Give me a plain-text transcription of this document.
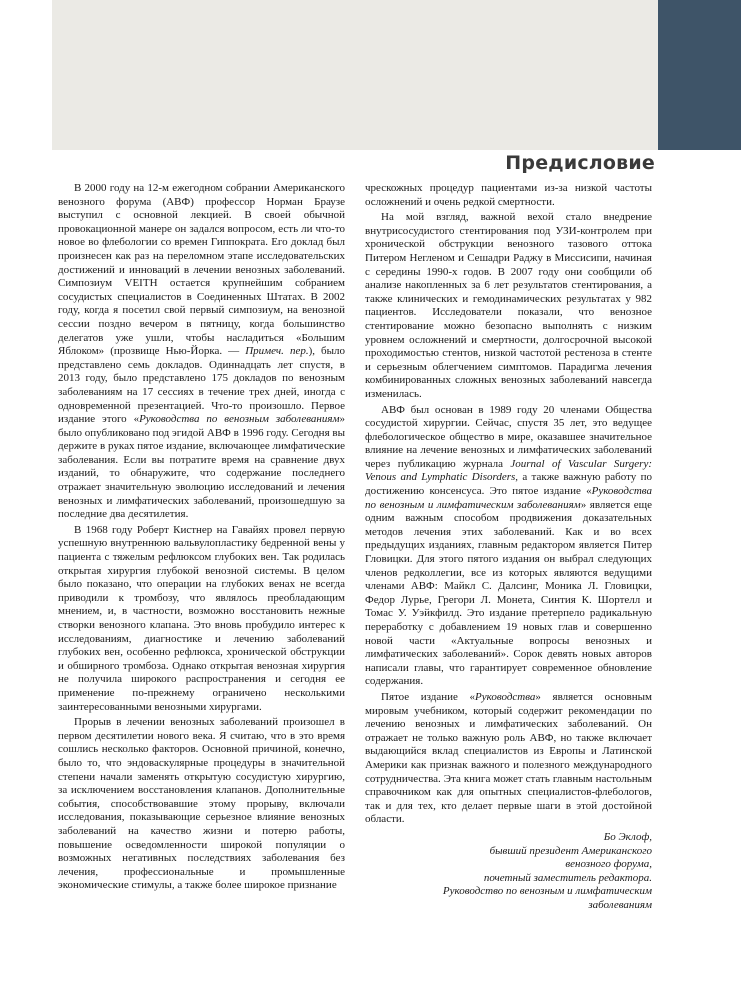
Предисловие

В 2000 году на 12-м ежегодном собрании Американского венозного форума (АВФ) профессор Норман Браузе выступил с основной лекцией. В своей обычной провокационной манере он задался вопросом, есть ли что-то новое во флебологии со времен Гиппократа. Его доклад был произнесен как раз на переломном этапе исследовательских достижений и инноваций в лечении венозных заболеваний. Симпозиум VEITH остается крупнейшим собранием сосудистых специалистов в Соединенных Штатах. В 2002 году, когда я посетил свой первый симпозиум, на венозной сессии поздно вечером в пятницу, когда большинство делегатов уже ушли, чтобы насладиться «Большим Яблоком» (прозвище Нью-Йорка. — Примеч. пер.), было представлено семь докладов. Одиннадцать лет спустя, в 2013 году, было представлено 175 докладов по венозным заболеваниям на 17 сессиях в течение трех дней, иногда с одновременной презентацией. Что-то произошло. Первое издание этого «Руководства по венозным заболеваниям» было опубликовано под эгидой АВФ в 1996 году. Сегодня вы держите в руках пятое издание, включающее лимфатические заболевания. Если вы потратите время на сравнение двух изданий, то обнаружите, что содержание последнего отражает значительную эволюцию исследований и лечения венозных и лимфатических заболеваний, произошедшую за последние два десятилетия.

В 1968 году Роберт Кистнер на Гавайях провел первую успешную внутреннюю вальвулопластику бедренной вены у пациента с тяжелым рефлюксом глубоких вен. Так родилась открытая хирургия глубокой венозной системы. В целом было показано, что операции на глубоких венах не всегда приводили к тромбозу, что являлось преобладающим мнением, и, в частности, возможно восстановить нежные створки венозного клапана. Это вновь пробудило интерес к исследованиям, диагностике и лечению заболеваний глубоких вен, особенно рефлюкса, хронической обструкции и обширного тромбоза. Однако открытая венозная хирургия не получила широкого распространения и сегодня ее применение по-прежнему ограничено несколькими заинтересованными венозными хирургами.

Прорыв в лечении венозных заболеваний произошел в первом десятилетии нового века. Я считаю, что в это время сошлись несколько факторов. Основной причиной, конечно, было то, что эндоваскулярные процедуры в значительной степени начали заменять открытую сосудистую хирургию, за исключением восстановления клапанов. Дополнительные события, способствовавшие этому прорыву, включали исследования, показывающие серьезное влияние венозных заболеваний на качество жизни и потерю работы, повышение осведомленности широкой популяции о возможных негативных последствиях заболевания без лечения, профессиональные и промышленные экономические стимулы, а также более широкое признание

чрескожных процедур пациентами из-за низкой частоты осложнений и очень редкой смертности.

На мой взгляд, важной вехой стало внедрение внутрисосудистого стентирования под УЗИ-контролем при хронической обструкции венозного тазового оттока Питером Негленом и Сешадри Раджу в Миссисипи, начиная с середины 1990-х годов. В 2007 году они сообщили об анализе накопленных за 6 лет результатов стентирования, а также клинических и гемодинамических результатах у 982 пациентов. Исследователи показали, что венозное стентирование можно безопасно выполнять с низким уровнем осложнений и смертности, долгосрочной высокой проходимостью стентов, низкой частотой рестеноза в стенте и серьезным облегчением симптомов. Парадигма лечения комбинированных сложных венозных заболеваний навсегда изменилась.

АВФ был основан в 1989 году 20 членами Общества сосудистой хирургии. Сейчас, спустя 35 лет, это ведущее флебологическое общество в мире, оказавшее значительное влияние на лечение венозных и лимфатических заболеваний через публикацию журнала Journal of Vascular Surgery: Venous and Lymphatic Disorders, а также важную работу по достижению консенсуса. Это пятое издание «Руководства по венозным и лимфатическим заболеваниям» является еще одним важным способом продвижения доказательных методов лечения этих заболеваний. Как и во всех предыдущих изданиях, главным редактором является Питер Гловицки. Для этого пятого издания он выбрал следующих членов редколлегии, все из которых являются ведущими членами АВФ: Майкл С. Далсинг, Моника Л. Гловицки, Федор Лурье, Грегори Л. Монета, Синтия К. Шортелл и Томас У. Уэйкфилд. Это издание претерпело радикальную переработку с добавлением 19 новых глав и совершенно новой части «Актуальные вопросы венозных и лимфатических заболеваний». Сорок девять новых авторов написали главы, что гарантирует современное обновление содержания.

Пятое издание «Руководства» является основным мировым учебником, который содержит рекомендации по лечению венозных и лимфатических заболеваний. Он отражает не только важную роль АВФ, но также включает выдающийся вклад специалистов из Европы и Латинской Америки как признак важного и полезного международного сотрудничества. Эта книга может стать главным настольным справочником как для опытных специалистов-флебологов, так и для тех, кто делает первые шаги в этой достойной области.

Бо Эклоф,
бывший президент Американского
венозного форума,
почетный заместитель редактора.
Руководство по венозным и лимфатическим
заболеваниям
